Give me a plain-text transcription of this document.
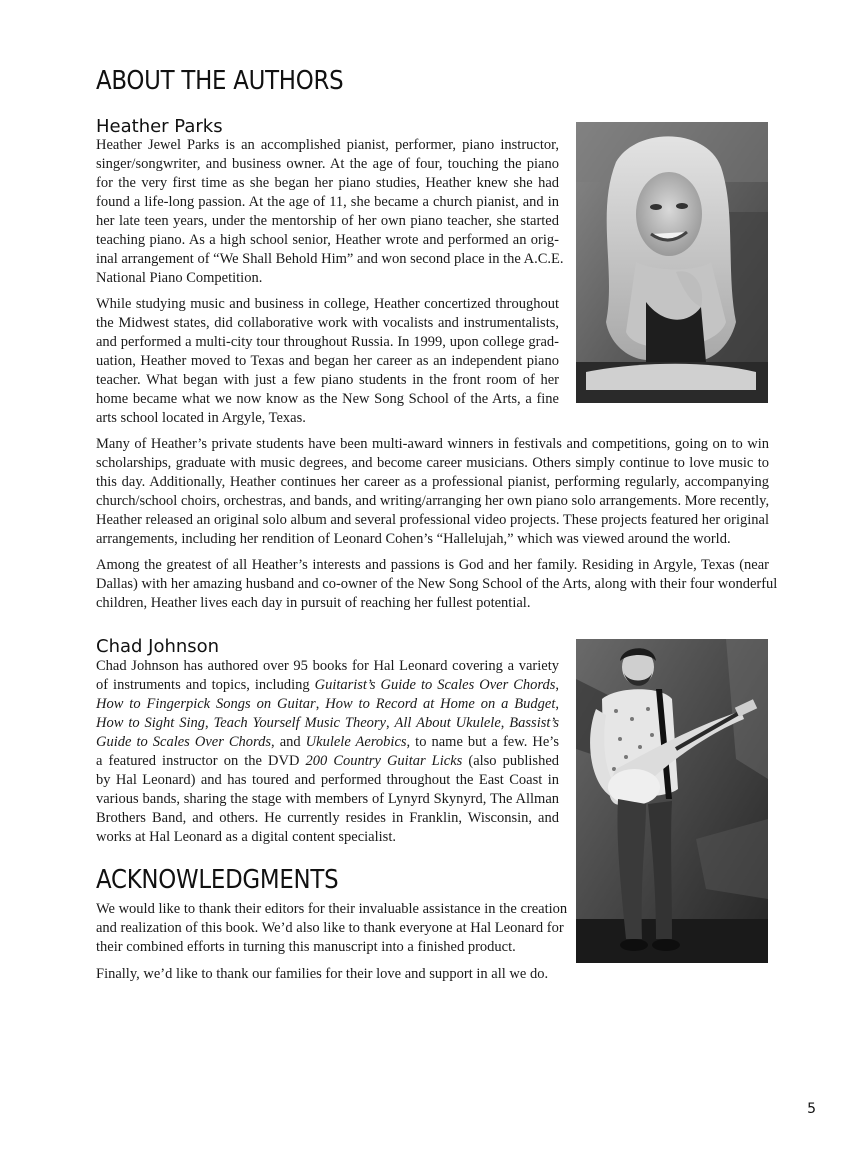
ABOUT THE AUTHORS
Heather Parks

Heather Jewel Parks is an accomplished pianist, performer, piano instructor,
singer/songwriter, and business owner. At the age of four, touching the piano
for the very first time as she began her piano studies, Heather knew she had
found a life-long passion. At the age of 11, she became a church pianist, and in
her late teen years, under the mentorship of her own piano teacher, she started
teaching piano. As a high school senior, Heather wrote and performed an orig-
inal arrangement of “We Shall Behold Him” and won second place in the A.C.E.
National Piano Competition.

While studying music and business in college, Heather concertized throughout
the Midwest states, did collaborative work with vocalists and instrumentalists,
and performed a multi-city tour throughout Russia. In 1999, upon college grad-
uation, Heather moved to Texas and began her career as an independent piano
teacher. What began with just a few piano students in the front room of her
home became what we now know as the New Song School of the Arts, a fine
arts school located in Argyle, Texas.

Many of Heather’s private students have been multi-award winners in festivals and competitions, going on to win
scholarships, graduate with music degrees, and become career musicians. Others simply continue to love music to
this day. Additionally, Heather continues her career as a professional pianist, performing regularly, accompanying
church/school choirs, orchestras, and bands, and writing/arranging her own piano solo arrangements. More recently,
Heather released an original solo album and several professional video projects. These projects featured her original
arrangements, including her rendition of Leonard Cohen’s “Hallelujah,” which was viewed around the world.

Among the greatest of all Heather’s interests and passions is God and her family. Residing in Argyle, Texas (near
Dallas) with her amazing husband and co-owner of the New Song School of the Arts, along with their four wonderful
children, Heather lives each day in pursuit of reaching her fullest potential.

Chad Johnson

Chad Johnson has authored over 95 books for Hal Leonard covering a variety
of instruments and topics, including Guitarist’s Guide to Scales Over Chords,
How to Fingerpick Songs on Guitar, How to Record at Home on a Budget,
How to Sight Sing, Teach Yourself Music Theory, All About Ukulele, Bassist’s
Guide to Scales Over Chords, and Ukulele Aerobics, to name but a few. He’s
a featured instructor on the DVD 200 Country Guitar Licks (also published
by Hal Leonard) and has toured and performed throughout the East Coast in
various bands, sharing the stage with members of Lynyrd Skynyrd, The Allman
Brothers Band, and others. He currently resides in Franklin, Wisconsin, and
works at Hal Leonard as a digital content specialist.

ACKNOWLEDGMENTS

We would like to thank their editors for their invaluable assistance in the creation
and realization of this book. We’d also like to thank everyone at Hal Leonard for
their combined efforts in turning this manuscript into a finished product.

Finally, we’d like to thank our families for their love and support in all we do.

5
